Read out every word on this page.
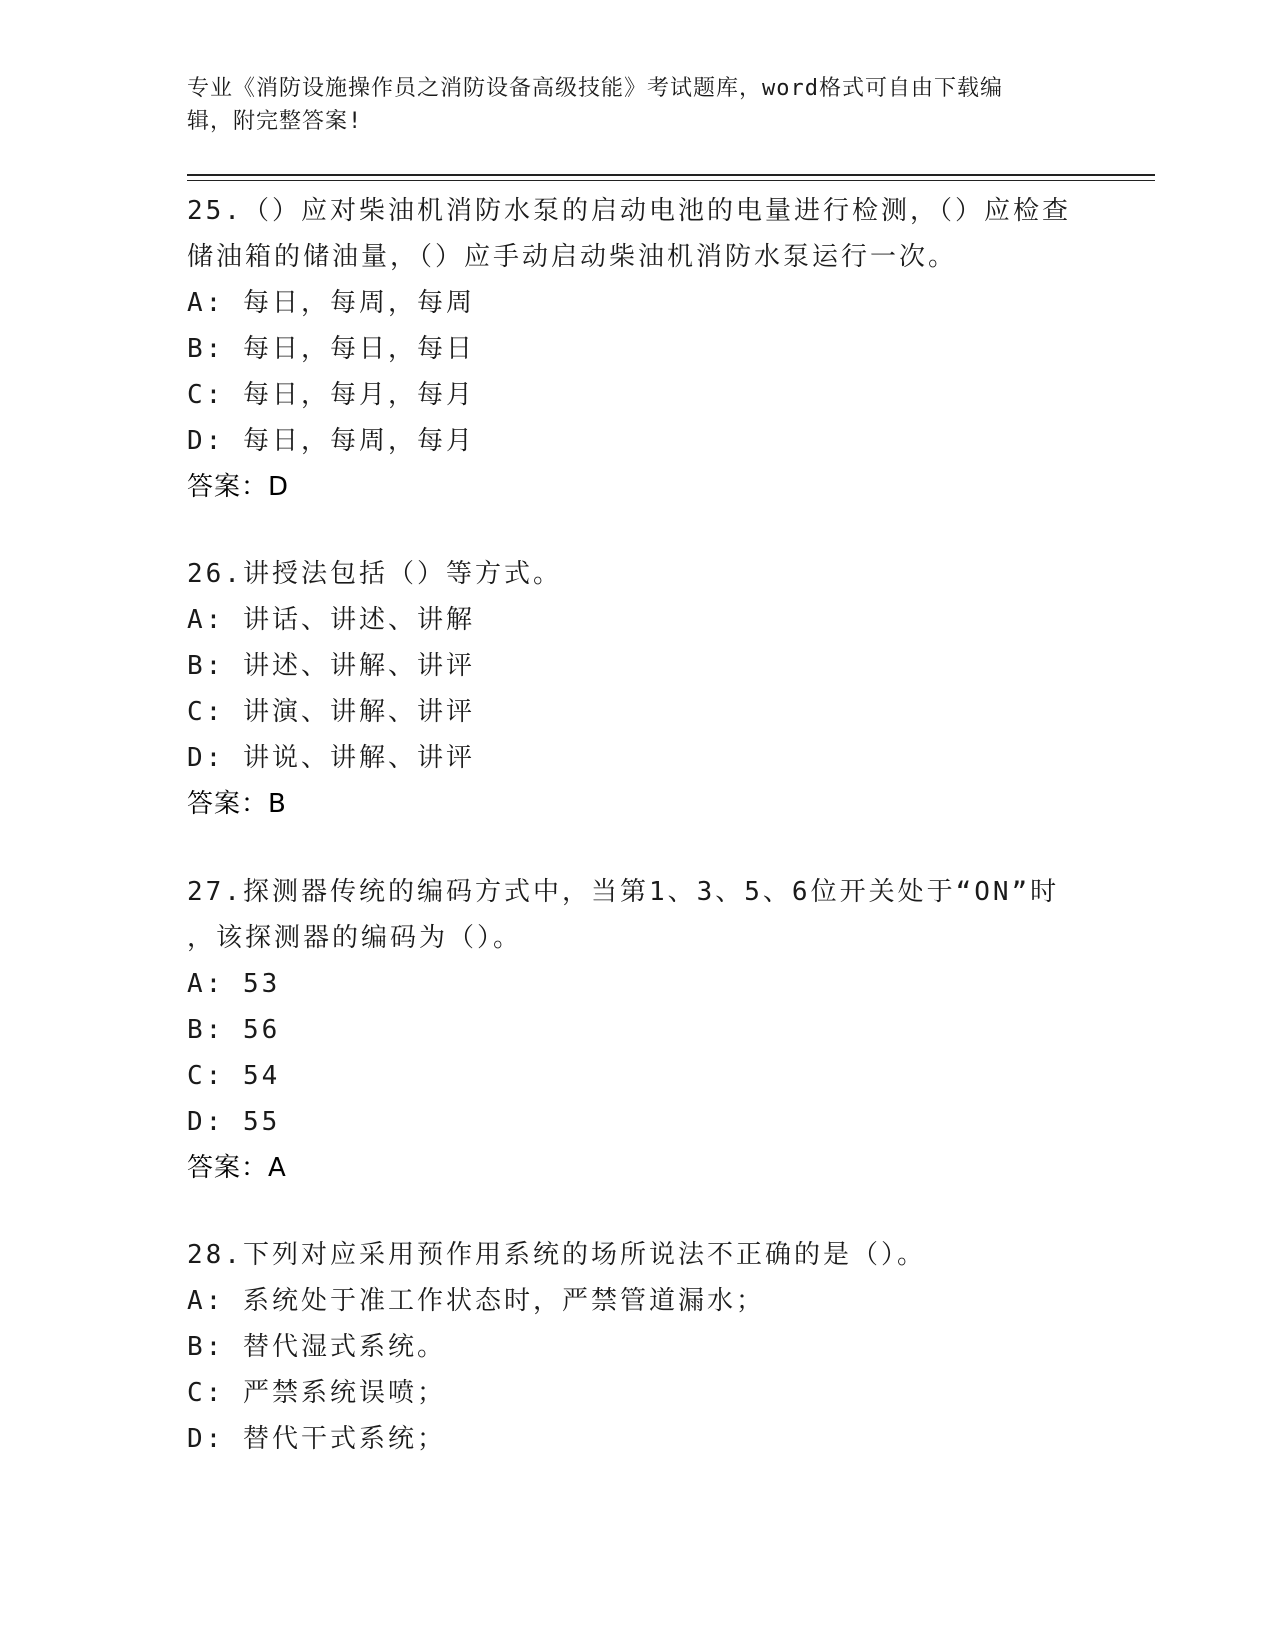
专业《消防设施操作员之消防设备高级技能》考试题库，word格式可自由下载编
辑，附完整答案!

25.（）应对柴油机消防水泵的启动电池的电量进行检测，（）应检查

储油箱的储油量，（）应手动启动柴油机消防水泵运行一次。

A: 每日，每周，每周

B: 每日，每日，每日

C: 每日，每月，每月

D: 每日，每周，每月

答案：D

26.讲授法包括（）等方式。

A: 讲话、讲述、讲解

B: 讲述、讲解、讲评

C: 讲演、讲解、讲评

D: 讲说、讲解、讲评

答案：B

27.探测器传统的编码方式中，当第1、3、5、6位开关处于“ON”时

，该探测器的编码为（）。

A: 53

B: 56

C: 54

D: 55

答案：A

28.下列对应采用预作用系统的场所说法不正确的是（）。

A: 系统处于准工作状态时，严禁管道漏水；

B: 替代湿式系统。

C: 严禁系统误喷；

D: 替代干式系统；
